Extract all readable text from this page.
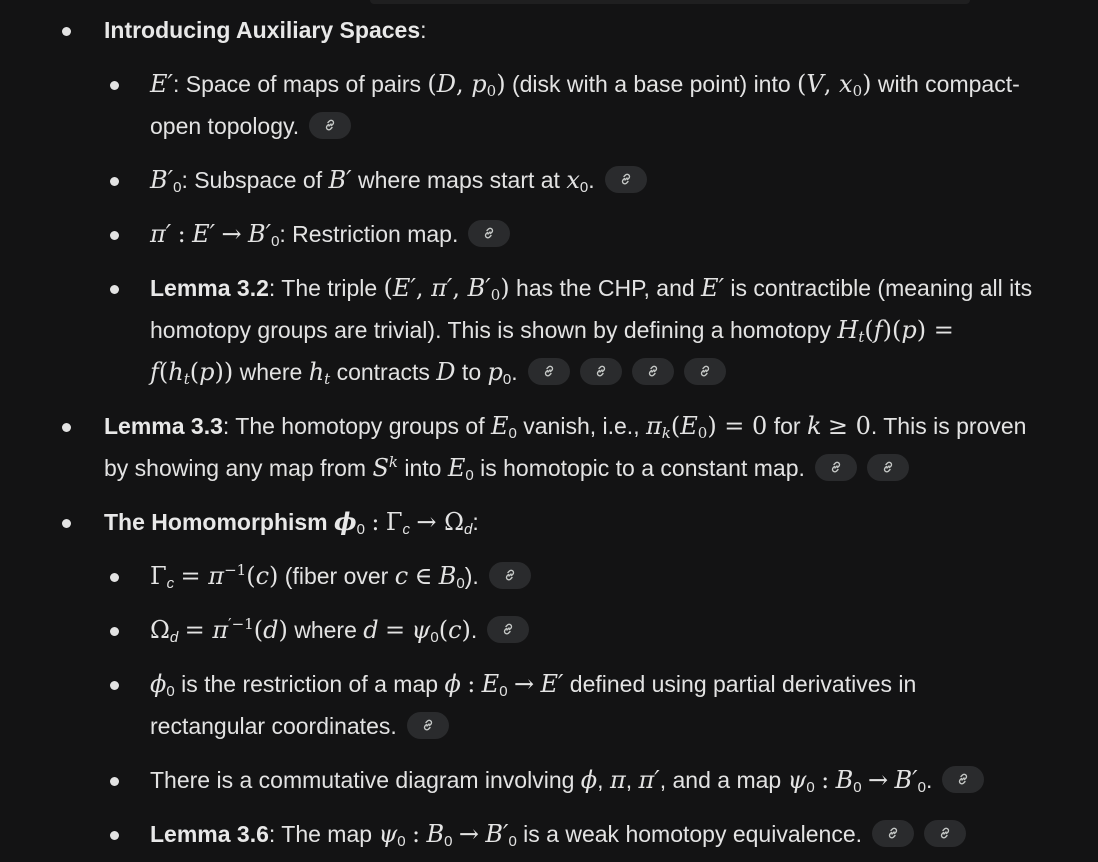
Introducing Auxiliary Spaces:
E′: Space of maps of pairs (D, $p_0$) (disk with a base point) into (V, $x_0$) with compact-
open topology.
$B'_0$: Subspace of B′ where maps start at $x_0$.
π′ : $E' \to B'_0$: Restriction map.
Lemma 3.2: The triple (E′, π′, $B'_0$) has the CHP, and E′ is contractible (meaning all its
homotopy groups are trivial). This is shown by defining a homotopy $H_t(f)(p)$ =
$f(h_t(p))$ where $h_t$ contracts D to $p_0$.
Lemma 3.3: The homotopy groups of $E_0$ vanish, i.e., $\pi_k(E_0) = 0$ for k ≥ 0. This is proven
by showing any map from $S^k$ into $E_0$ is homotopic to a constant map.
The Homomorphism $\phi_0$ : $\Gamma_c \to \Omega_d$:
$\Gamma_c = \pi^{-1}(c)$ (fiber over c ∈ $B_0$).
$\Omega_d = \pi^{'-1}(d)$ where $d = \psi_0(c)$.
$\phi_0$ is the restriction of a map ϕ : $E_0 \to E'$ defined using partial derivatives in
rectangular coordinates.
There is a commutative diagram involving ϕ, π, π′, and a map $\psi_0$ : $B_0 \to B'_0$.
Lemma 3.6: The map $\psi_0$ : $B_0 \to B'_0$ is a weak homotopy equivalence.
